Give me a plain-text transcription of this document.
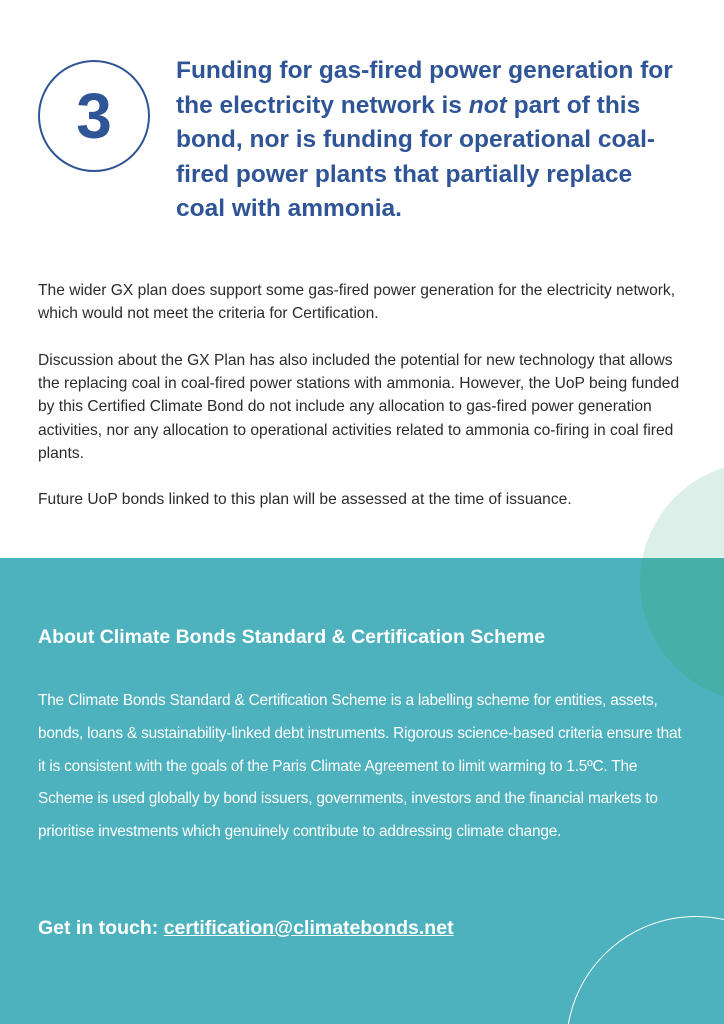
3
Funding for gas-fired power generation for the electricity network is not part of this bond, nor is funding for operational coal-fired power plants that partially replace coal with ammonia.

The wider GX plan does support some gas-fired power generation for the electricity network, which would not meet the criteria for Certification.

Discussion about the GX Plan has also included the potential for new technology that allows the replacing coal in coal-fired power stations with ammonia. However, the UoP being funded by this Certified Climate Bond do not include any allocation to gas-fired power generation activities, nor any allocation to operational activities related to ammonia co-firing in coal fired plants.

Future UoP bonds linked to this plan will be assessed at the time of issuance.

About Climate Bonds Standard & Certification Scheme

The Climate Bonds Standard & Certification Scheme is a labelling scheme for entities, assets, bonds, loans & sustainability-linked debt instruments. Rigorous science-based criteria ensure that it is consistent with the goals of the Paris Climate Agreement to limit warming to 1.5ºC. The Scheme is used globally by bond issuers, governments, investors and the financial markets to prioritise investments which genuinely contribute to addressing climate change.

Get in touch: certification@climatebonds.net
